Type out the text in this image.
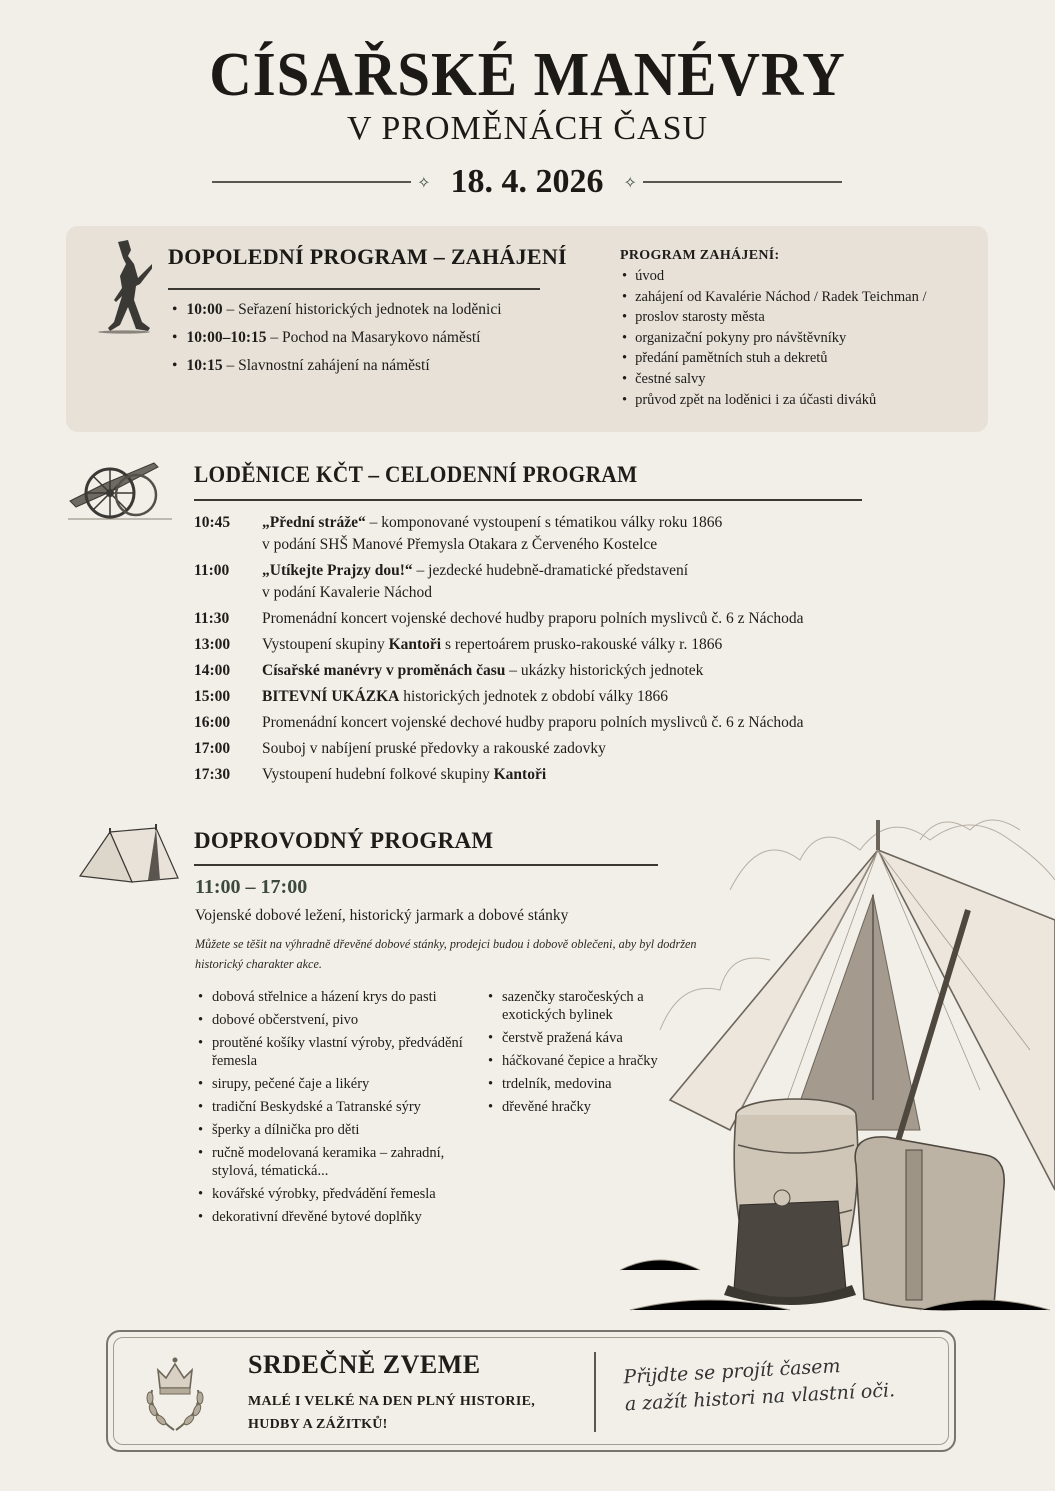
CÍSAŘSKÉ MANÉVRY
V PROMĚNÁCH ČASU
✧ 18. 4. 2026 ✧
DOPOLEDNÍ PROGRAM – ZAHÁJENÍ
• 10:00 – Seřazení historických jednotek na loděnici
• 10:00–10:15 – Pochod na Masarykovo náměstí
• 10:15 – Slavnostní zahájení na náměstí
PROGRAM ZAHÁJENÍ:
• úvod
• zahájení od Kavalérie Náchod / Radek Teichman /
• proslov starosty města
• organizační pokyny pro návštěvníky
• předání pamětních stuh a dekretů
• čestné salvy
• průvod zpět na loděnici i za účasti diváků
LODĚNICE KČT – CELODENNÍ PROGRAM
10:45	„Přední stráže“ – komponované vystoupení s tématikou války roku 1866
v podání SHŠ Manové Přemysla Otakara z Červeného Kostelce
11:00	„Utíkejte Prajzy dou!“ – jezdecké hudebně-dramatické představení
v podání Kavalerie Náchod
11:30	Promenádní koncert vojenské dechové hudby praporu polních myslivců č. 6 z Náchoda
13:00	Vystoupení skupiny Kantoři s repertoárem prusko-rakouské války r. 1866
14:00	Císařské manévry v proměnách času – ukázky historických jednotek
15:00	BITEVNÍ UKÁZKA historických jednotek z období války 1866
16:00	Promenádní koncert vojenské dechové hudby praporu polních myslivců č. 6 z Náchoda
17:00	Souboj v nabíjení pruské předovky a rakouské zadovky
17:30	Vystoupení hudební folkové skupiny Kantoři
DOPROVODNÝ PROGRAM
11:00 – 17:00
Vojenské dobové ležení, historický jarmark a dobové stánky
Můžete se těšit na výhradně dřevěné dobové stánky, prodejci budou i dobově oblečeni, aby byl dodržen historický charakter akce.
• dobová střelnice a házení krys do pasti
• dobové občerstvení, pivo
• proutěné košíky vlastní výroby, předvádění řemesla
• sirupy, pečené čaje a likéry
• tradiční Beskydské a Tatranské sýry
• šperky a dílnička pro děti
• ručně modelovaná keramika – zahradní, stylová, tématická...
• kovářské výrobky, předvádění řemesla
• dekorativní dřevěné bytové doplňky
• sazenčky staročeských a exotických bylinek
• čerstvě pražená káva
• háčkované čepice a hračky
• trdelník, medovina
• dřevěné hračky
SRDEČNĚ ZVEME
MALÉ I VELKÉ NA DEN PLNÝ HISTORIE,
HUDBY A ZÁŽITKŮ!
Přijdte se projít časem
a zažít histori na vlastní oči.
